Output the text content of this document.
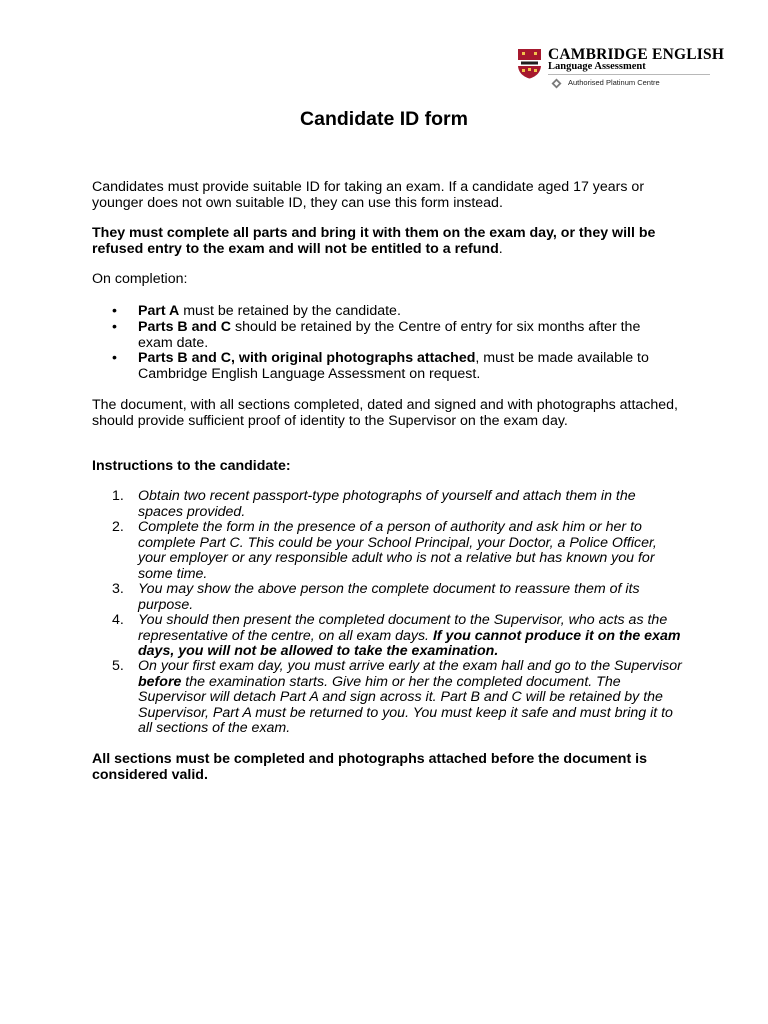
CAMBRIDGE ENGLISH
Language Assessment
Authorised Platinum Centre
Candidate ID form

Candidates must provide suitable ID for taking an exam. If a candidate aged 17 years or younger does not own suitable ID, they can use this form instead.

They must complete all parts and bring it with them on the exam day, or they will be refused entry to the exam and will not be entitled to a refund.

On completion:

• Part A must be retained by the candidate.
• Parts B and C should be retained by the Centre of entry for six months after the exam date.
• Parts B and C, with original photographs attached, must be made available to Cambridge English Language Assessment on request.

The document, with all sections completed, dated and signed and with photographs attached, should provide sufficient proof of identity to the Supervisor on the exam day.

Instructions to the candidate:

1. Obtain two recent passport-type photographs of yourself and attach them in the spaces provided.
2. Complete the form in the presence of a person of authority and ask him or her to complete Part C. This could be your School Principal, your Doctor, a Police Officer, your employer or any responsible adult who is not a relative but has known you for some time.
3. You may show the above person the complete document to reassure them of its purpose.
4. You should then present the completed document to the Supervisor, who acts as the representative of the centre, on all exam days. If you cannot produce it on the exam days, you will not be allowed to take the examination.
5. On your first exam day, you must arrive early at the exam hall and go to the Supervisor before the examination starts. Give him or her the completed document. The Supervisor will detach Part A and sign across it. Part B and C will be retained by the Supervisor, Part A must be returned to you. You must keep it safe and must bring it to all sections of the exam.

All sections must be completed and photographs attached before the document is considered valid.
